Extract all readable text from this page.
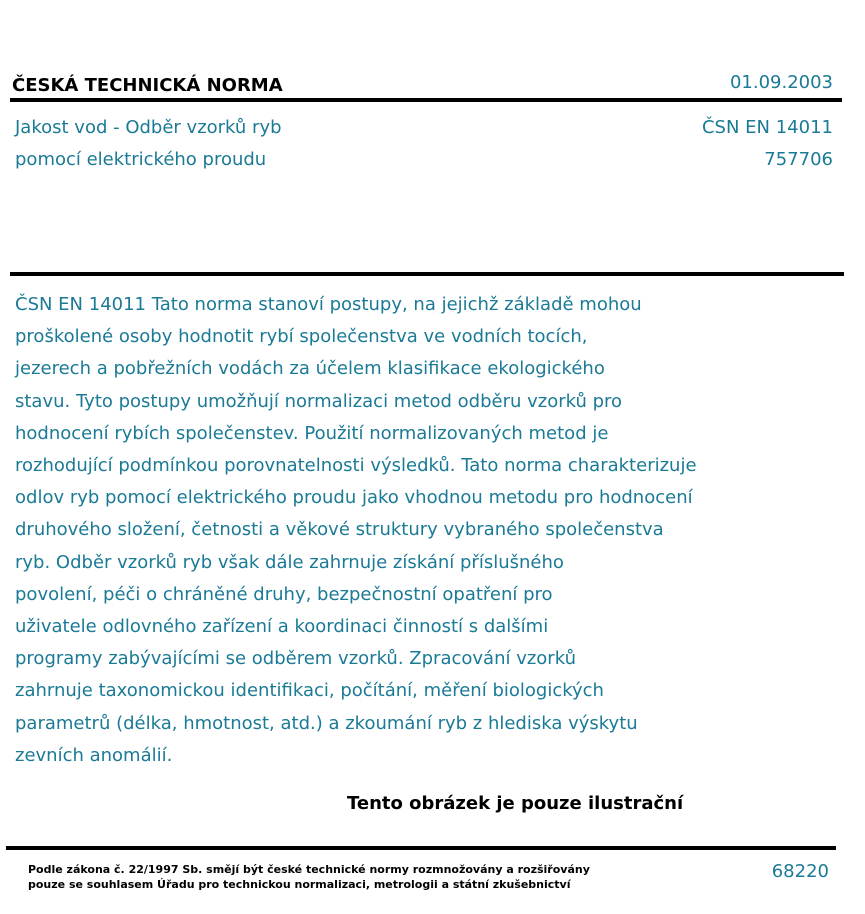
ČESKÁ TECHNICKÁ NORMA	01.09.2003
Jakost vod - Odběr vzorků ryb
pomocí elektrického proudu
ČSN EN 14011
757706
ČSN EN 14011 Tato norma stanoví postupy, na jejichž základě mohou
proškolené osoby hodnotit rybí společenstva ve vodních tocích,
jezerech a pobřežních vodách za účelem klasifikace ekologického
stavu. Tyto postupy umožňují normalizaci metod odběru vzorků pro
hodnocení rybích společenstev. Použití normalizovaných metod je
rozhodující podmínkou porovnatelnosti výsledků. Tato norma charakterizuje
odlov ryb pomocí elektrického proudu jako vhodnou metodu pro hodnocení
druhového složení, četnosti a věkové struktury vybraného společenstva
ryb. Odběr vzorků ryb však dále zahrnuje získání příslušného
povolení, péči o chráněné druhy, bezpečnostní opatření pro
uživatele odlovného zařízení a koordinaci činností s dalšími
programy zabývajícími se odběrem vzorků. Zpracování vzorků
zahrnuje taxonomickou identifikaci, počítání, měření biologických
parametrů (délka, hmotnost, atd.) a zkoumání ryb z hlediska výskytu
zevních anomálií.
Tento obrázek je pouze ilustrační
Podle zákona č. 22/1997 Sb. smějí být české technické normy rozmnožovány a rozšiřovány
pouze se souhlasem Úřadu pro technickou normalizaci, metrologii a státní zkušebnictví
68220
